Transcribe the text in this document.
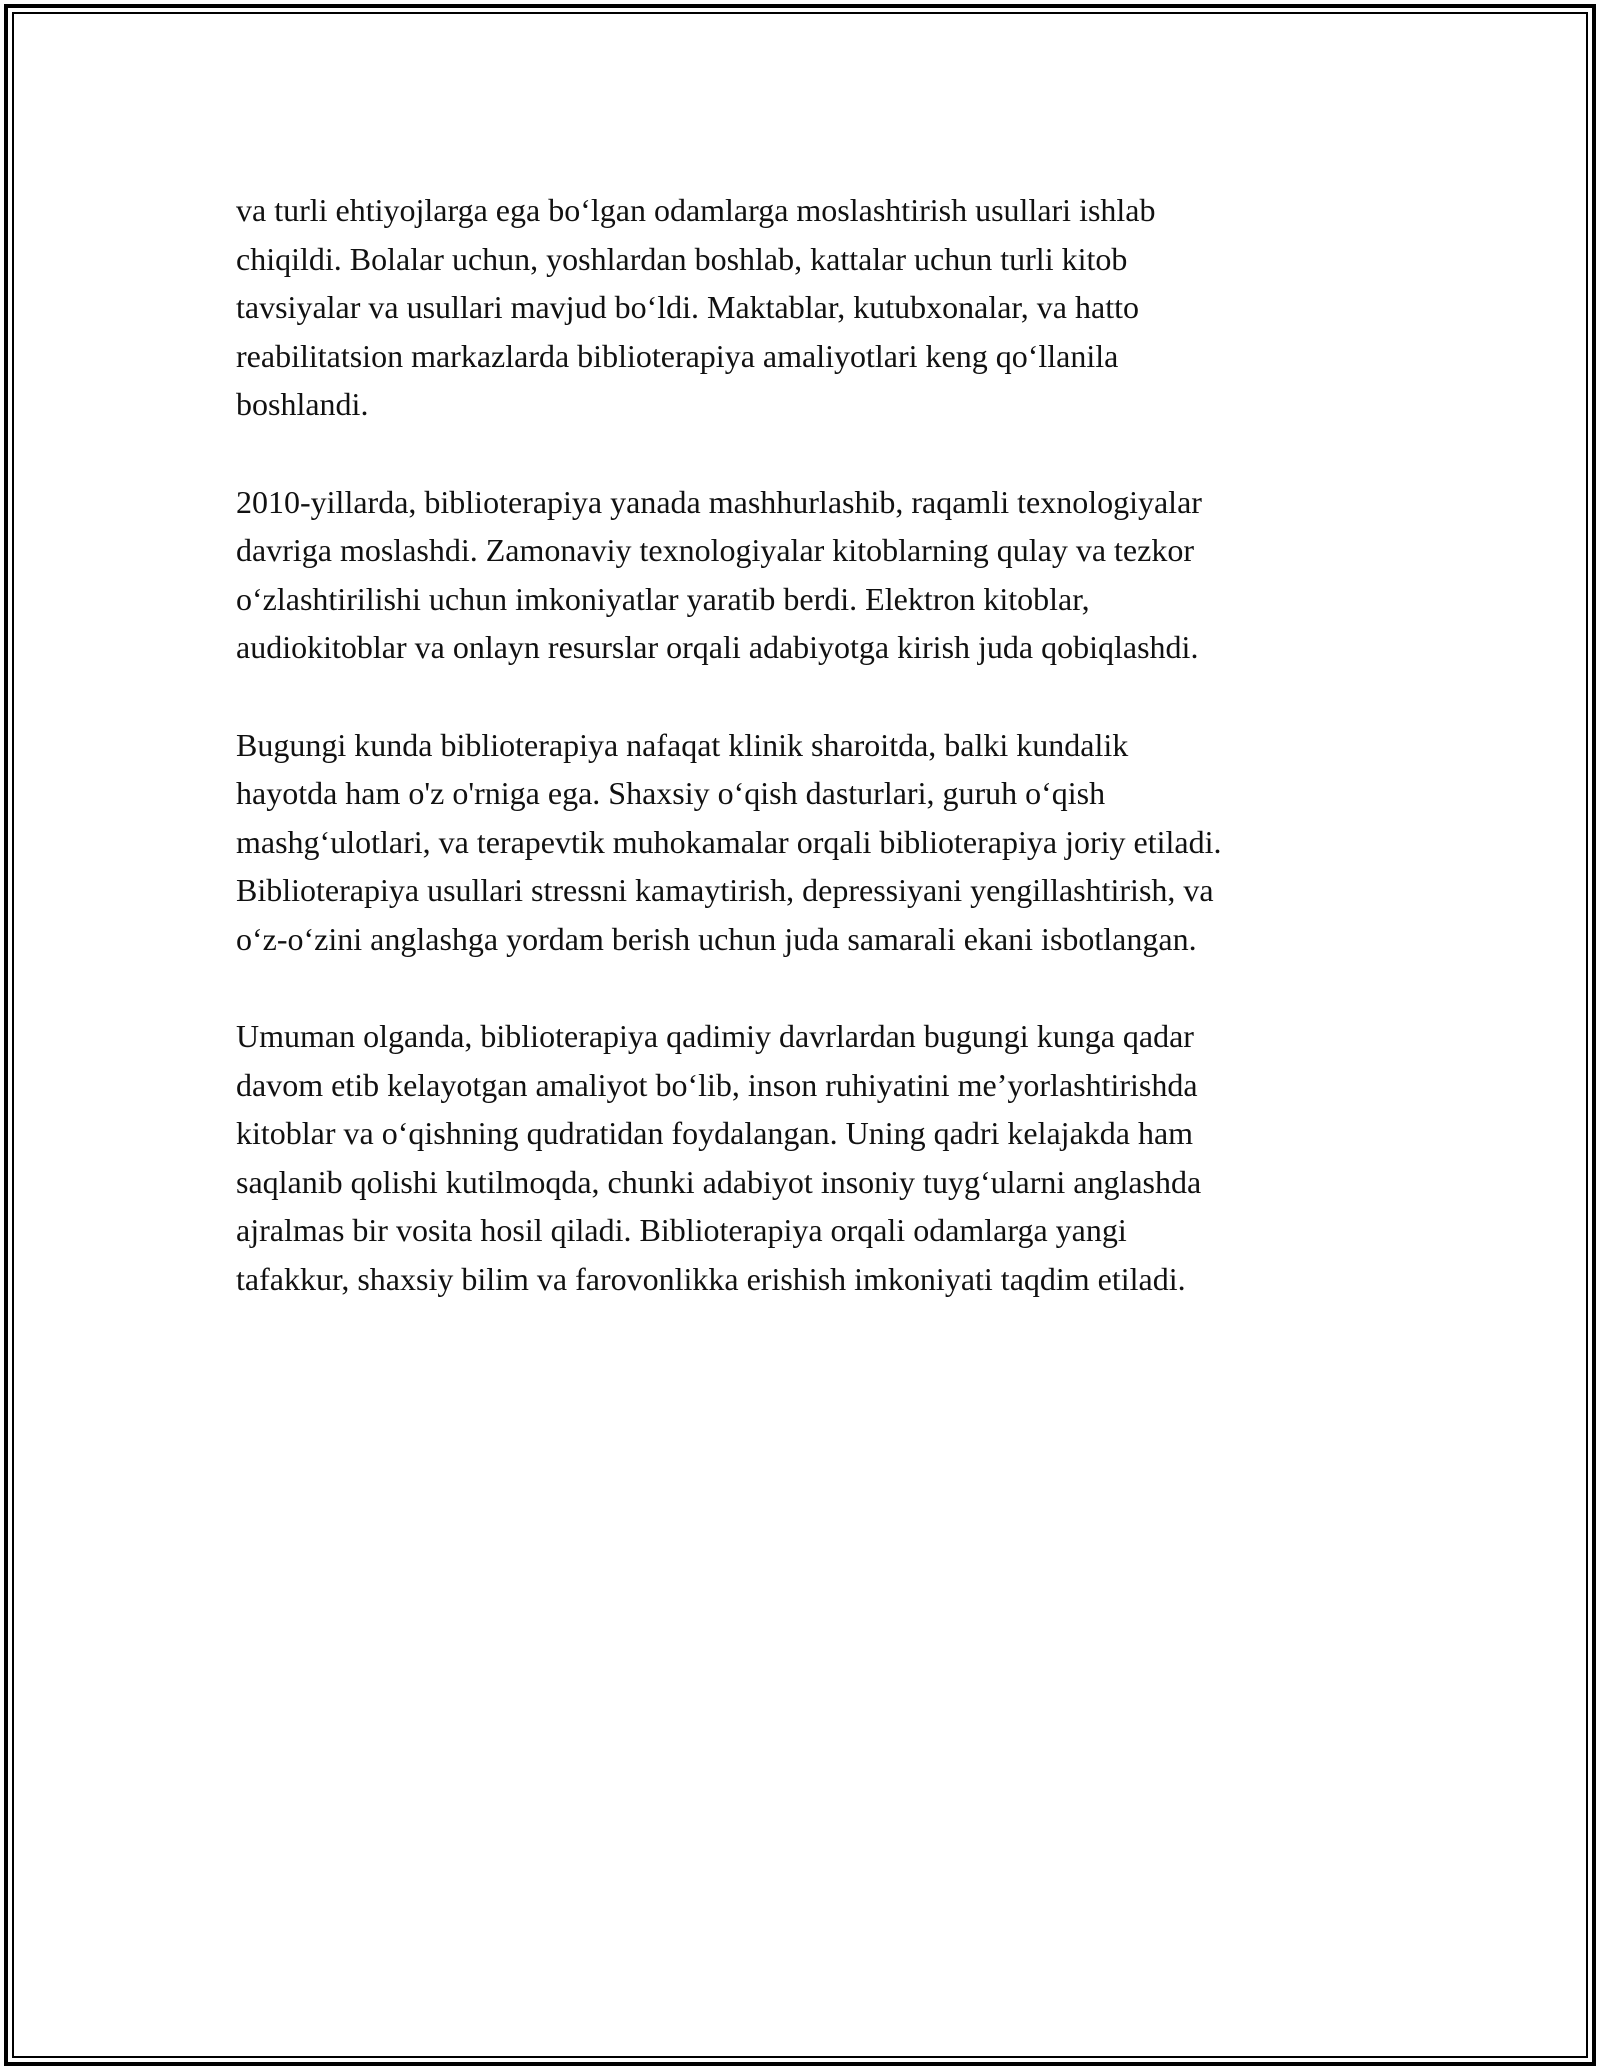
va turli ehtiyojlarga ega bo‘lgan odamlarga moslashtirish usullari ishlab
chiqildi. Bolalar uchun, yoshlardan boshlab, kattalar uchun turli kitob
tavsiyalar va usullari mavjud bo‘ldi. Maktablar, kutubxonalar, va hatto
reabilitatsion markazlarda biblioterapiya amaliyotlari keng qo‘llanila
boshlandi.

2010-yillarda, biblioterapiya yanada mashhurlashib, raqamli texnologiyalar
davriga moslashdi. Zamonaviy texnologiyalar kitoblarning qulay va tezkor
o‘zlashtirilishi uchun imkoniyatlar yaratib berdi. Elektron kitoblar,
audiokitoblar va onlayn resurslar orqali adabiyotga kirish juda qobiqlashdi.

Bugungi kunda biblioterapiya nafaqat klinik sharoitda, balki kundalik
hayotda ham o'z o'rniga ega. Shaxsiy o‘qish dasturlari, guruh o‘qish
mashg‘ulotlari, va terapevtik muhokamalar orqali biblioterapiya joriy etiladi.
Biblioterapiya usullari stressni kamaytirish, depressiyani yengillashtirish, va
o‘z-o‘zini anglashga yordam berish uchun juda samarali ekani isbotlangan.

Umuman olganda, biblioterapiya qadimiy davrlardan bugungi kunga qadar
davom etib kelayotgan amaliyot bo‘lib, inson ruhiyatini me’yorlashtirishda
kitoblar va o‘qishning qudratidan foydalangan. Uning qadri kelajakda ham
saqlanib qolishi kutilmoqda, chunki adabiyot insoniy tuyg‘ularni anglashda
ajralmas bir vosita hosil qiladi. Biblioterapiya orqali odamlarga yangi
tafakkur, shaxsiy bilim va farovonlikka erishish imkoniyati taqdim etiladi.
